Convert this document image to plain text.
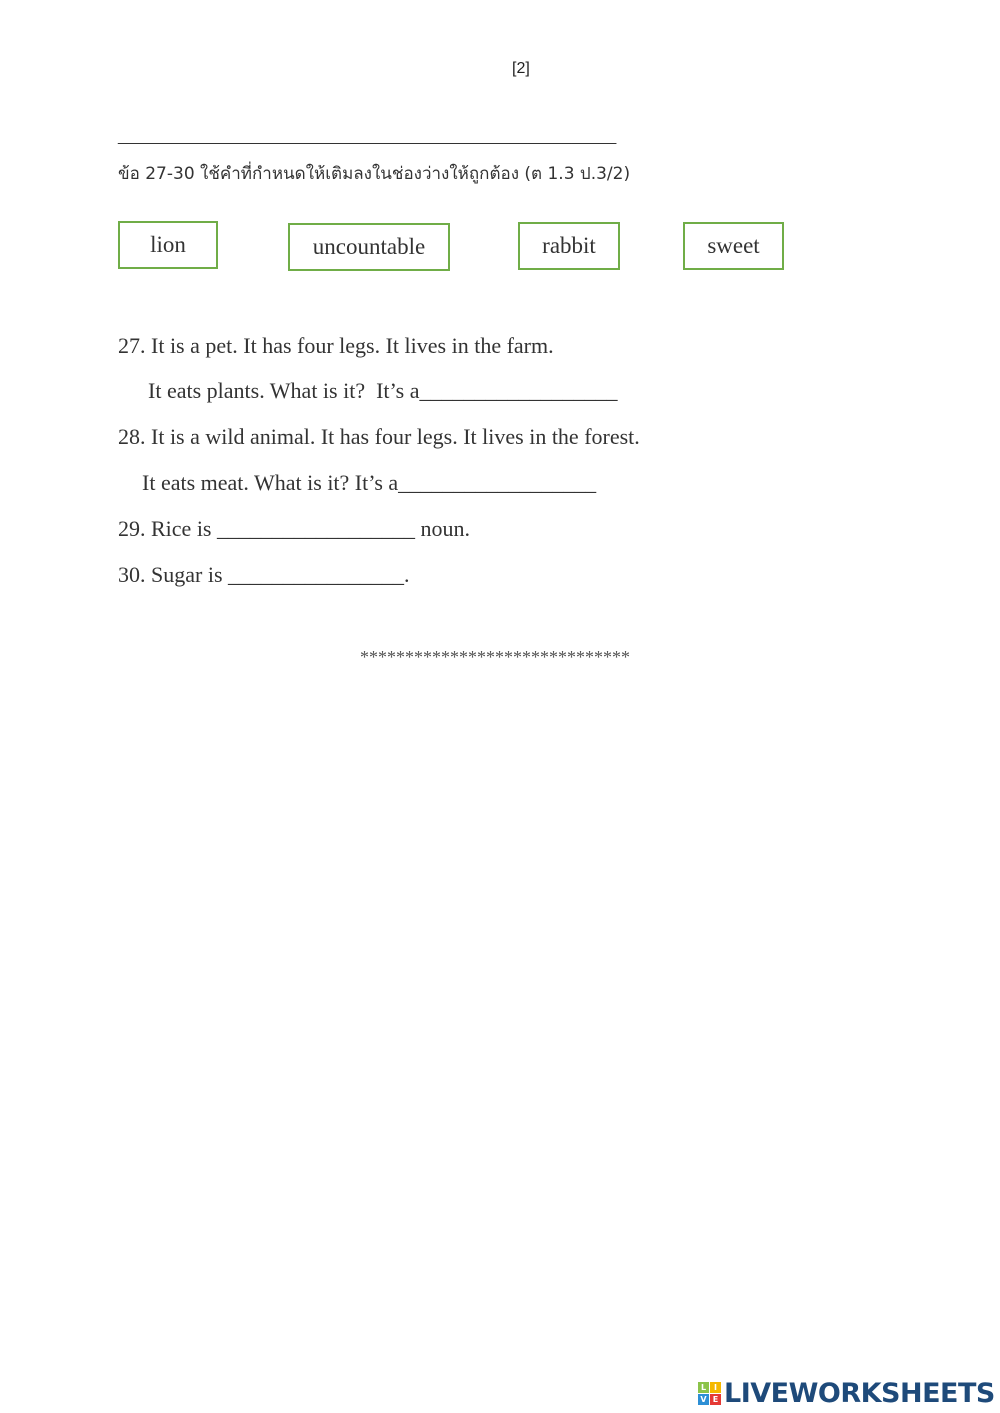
[2]
________________________________________________________
ข้อ 27-30 ใช้คำที่กำหนดให้เติมลงในช่องว่างให้ถูกต้อง (ต 1.3 ป.3/2)
lion	uncountable	rabbit	sweet
27. It is a pet. It has four legs. It lives in the farm.
It eats plants. What is it?  It’s a__________________
28. It is a wild animal. It has four legs. It lives in the forest.
It eats meat. What is it? It’s a__________________
29. Rice is __________________ noun.
30. Sugar is ________________.
******************************
L I
V E LIVEWORKSHEETS
